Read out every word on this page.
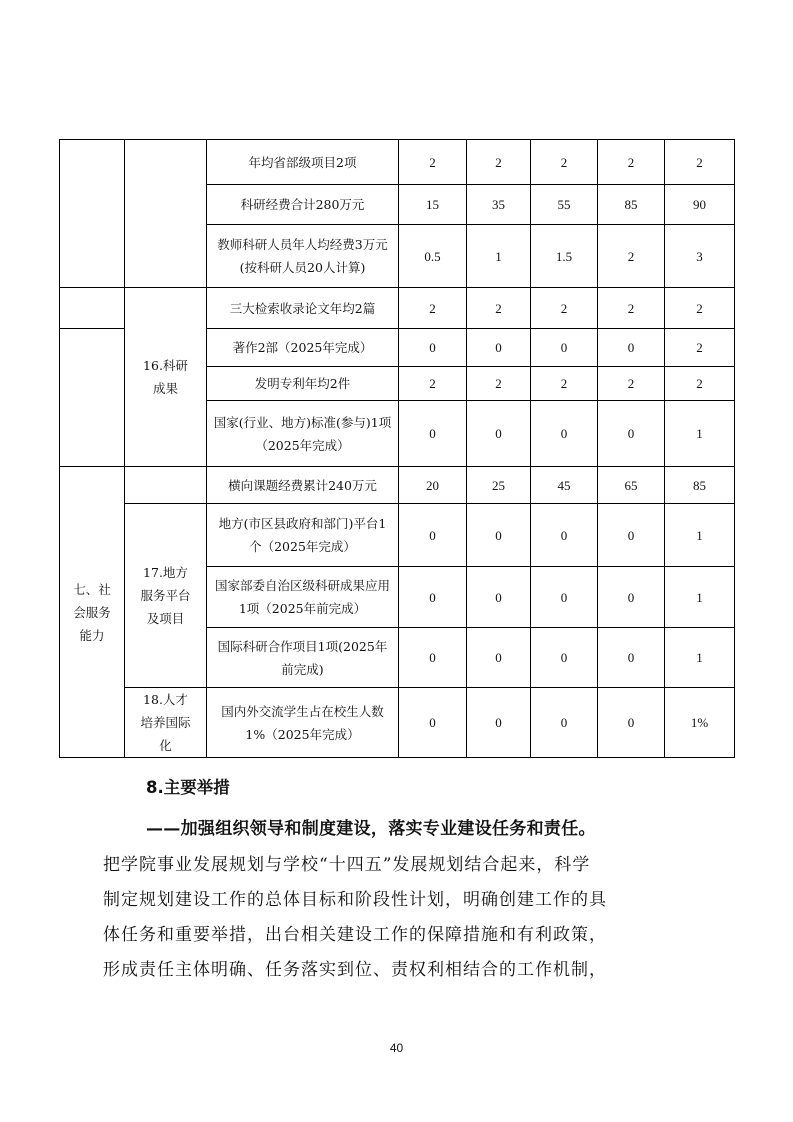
		年均省部级项目2项	2	2	2	2	2
		科研经费合计280万元	15	35	55	85	90
		教师科研人员年人均经费3万元(按科研人员20人计算)	0.5	1	1.5	2	3
	16.科研成果	三大检索收录论文年均2篇	2	2	2	2	2
		著作2部（2025年完成）	0	0	0	0	2
		发明专利年均2件	2	2	2	2	2
		国家(行业、地方)标准(参与)1项（2025年完成）	0	0	0	0	1
七、社会服务能力		横向课题经费累计240万元	20	25	45	65	85
	17.地方服务平台及项目	地方(市区县政府和部门)平台1个（2025年完成）	0	0	0	0	1
		国家部委自治区级科研成果应用1项（2025年前完成）	0	0	0	0	1
		国际科研合作项目1项(2025年前完成)	0	0	0	0	1
	18.人才培养国际化	国内外交流学生占在校生人数1%（2025年完成）	0	0	0	0	1%
8.主要举措
——加强组织领导和制度建设，落实专业建设任务和责任。
把学院事业发展规划与学校“十四五”发展规划结合起来，科学
制定规划建设工作的总体目标和阶段性计划，明确创建工作的具
体任务和重要举措，出台相关建设工作的保障措施和有利政策，
形成责任主体明确、任务落实到位、责权利相结合的工作机制，
40
